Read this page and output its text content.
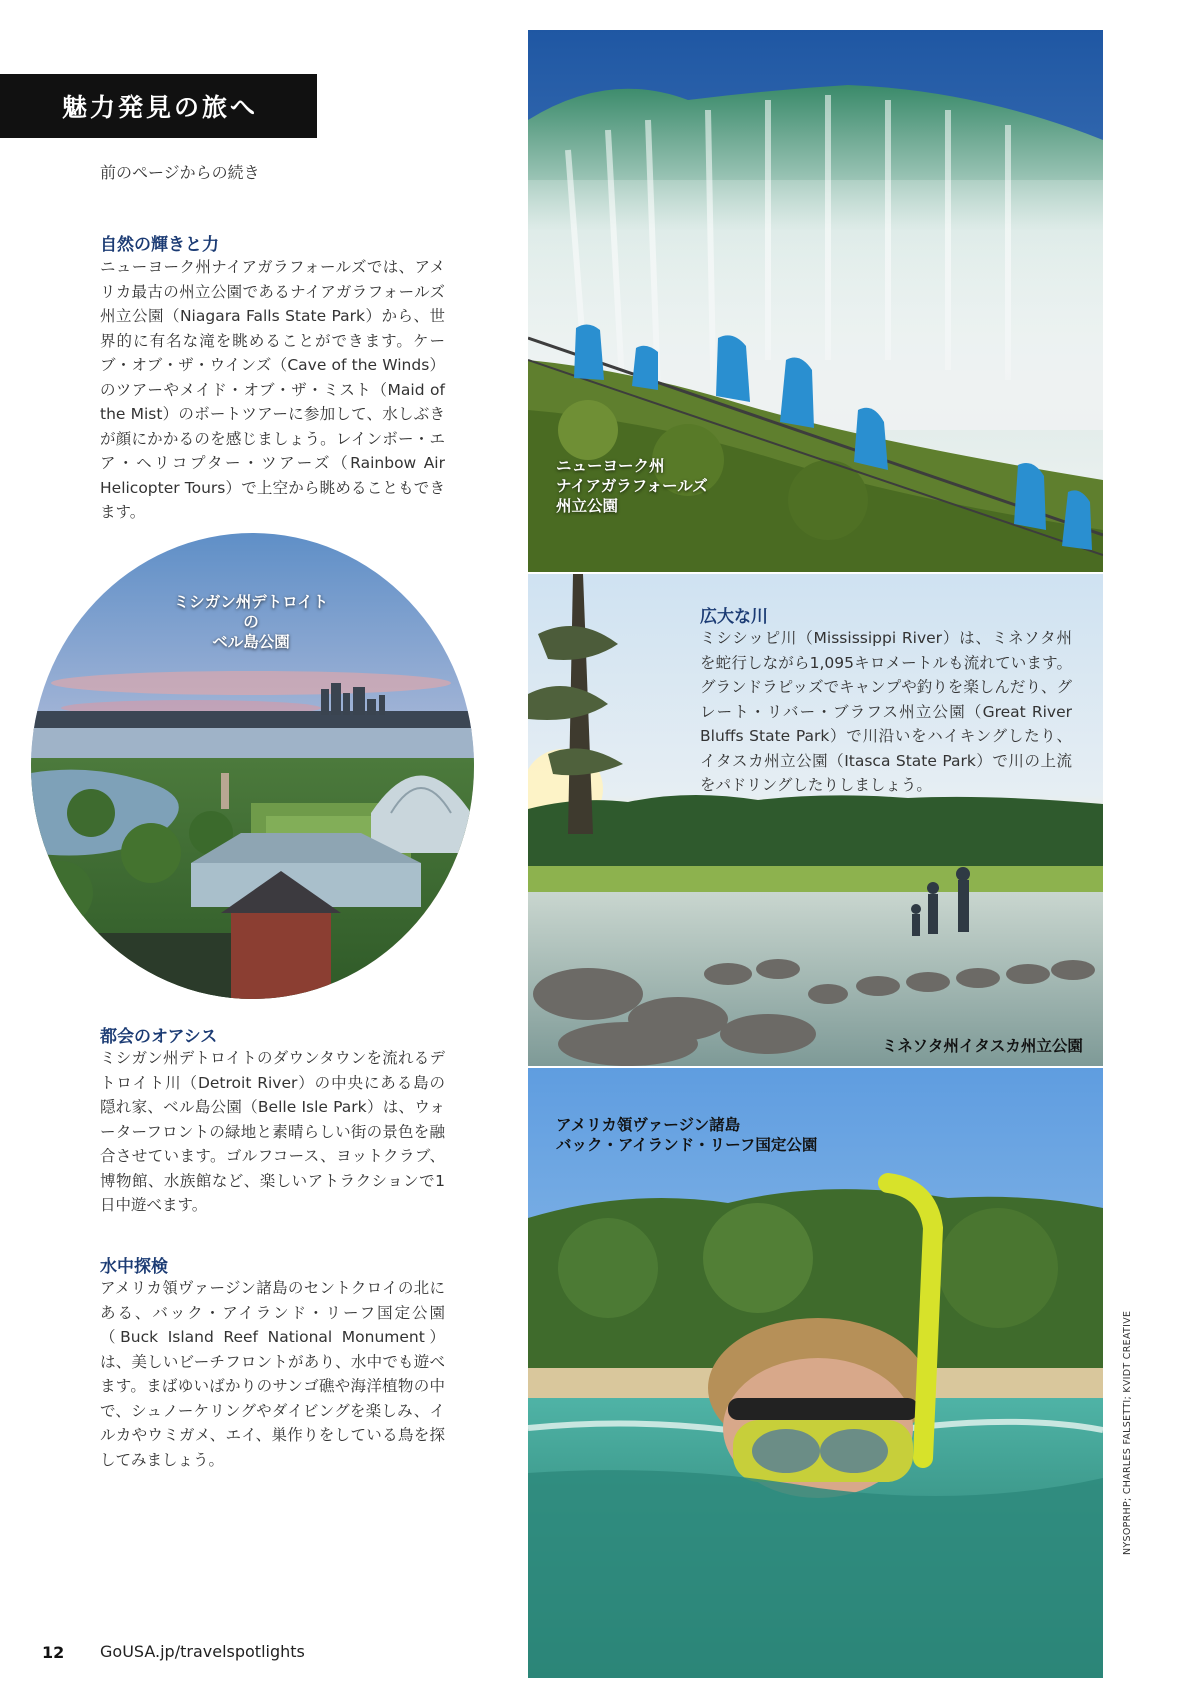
魅力発見の旅へ
前のページからの続き
自然の輝きと力
ニューヨーク州ナイアガラフォールズでは、アメリカ最古の州立公園であるナイアガラフォールズ州立公園（Niagara Falls State Park）から、世界的に有名な滝を眺めることができます。ケーブ・オブ・ザ・ウインズ（Cave of the Winds）のツアーやメイド・オブ・ザ・ミスト（Maid of the Mist）のボートツアーに参加して、水しぶきが顔にかかるのを感じましょう。レインボー・エア・ヘリコプター・ツアーズ（Rainbow Air Helicopter Tours）で上空から眺めることもできます。
ミシガン州デトロイトの
ベル島公園
都会のオアシス
ミシガン州デトロイトのダウンタウンを流れるデトロイト川（Detroit River）の中央にある島の隠れ家、ベル島公園（Belle Isle Park）は、ウォーターフロントの緑地と素晴らしい街の景色を融合させています。ゴルフコース、ヨットクラブ、博物館、水族館など、楽しいアトラクションで1日中遊べます。
水中探検
アメリカ領ヴァージン諸島のセントクロイの北にある、バック・アイランド・リーフ国定公園（Buck Island Reef National Monument）は、美しいビーチフロントがあり、水中でも遊べます。まばゆいばかりのサンゴ礁や海洋植物の中で、シュノーケリングやダイビングを楽しみ、イルカやウミガメ、エイ、巣作りをしている鳥を探してみましょう。
ニューヨーク州
ナイアガラフォールズ
州立公園
広大な川
ミシシッピ川（Mississippi River）は、ミネソタ州を蛇行しながら1,095キロメートルも流れています。グランドラピッズでキャンプや釣りを楽しんだり、グレート・リバー・ブラフス州立公園（Great River Bluffs State Park）で川沿いをハイキングしたり、イタスカ州立公園（Itasca State Park）で川の上流をパドリングしたりしましょう。
ミネソタ州イタスカ州立公園
アメリカ領ヴァージン諸島
バック・アイランド・リーフ国定公園
NYSOPRHP; CHARLES FALSETTI; KVIDT CREATIVE
12 GoUSA.jp/travelspotlights
